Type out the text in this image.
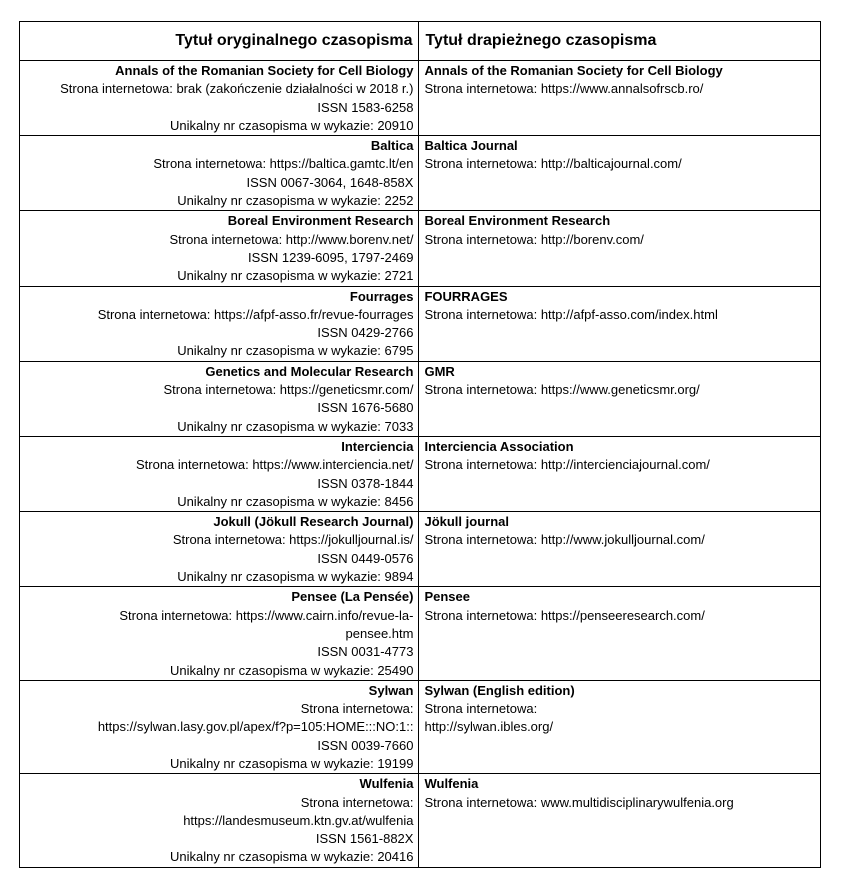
Tytuł oryginalnego czasopisma	Tytuł drapieżnego czasopisma

Annals of the Romanian Society for Cell Biology
Strona internetowa: brak (zakończenie działalności w 2018 r.)
ISSN 1583-6258
Unikalny nr czasopisma w wykazie: 20910	Annals of the Romanian Society for Cell Biology
Strona internetowa: https://www.annalsofrscb.ro/

Baltica
Strona internetowa: https://baltica.gamtc.lt/en
ISSN 0067-3064, 1648-858X
Unikalny nr czasopisma w wykazie: 2252	Baltica Journal
Strona internetowa: http://balticajournal.com/

Boreal Environment Research
Strona internetowa: http://www.borenv.net/
ISSN 1239-6095, 1797-2469
Unikalny nr czasopisma w wykazie: 2721	Boreal Environment Research
Strona internetowa: http://borenv.com/

Fourrages
Strona internetowa: https://afpf-asso.fr/revue-fourrages
ISSN 0429-2766
Unikalny nr czasopisma w wykazie: 6795	FOURRAGES
Strona internetowa: http://afpf-asso.com/index.html

Genetics and Molecular Research
Strona internetowa: https://geneticsmr.com/
ISSN 1676-5680
Unikalny nr czasopisma w wykazie: 7033	GMR
Strona internetowa: https://www.geneticsmr.org/

Interciencia
Strona internetowa: https://www.interciencia.net/
ISSN 0378-1844
Unikalny nr czasopisma w wykazie: 8456	Interciencia Association
Strona internetowa: http://intercienciajournal.com/

Jokull (Jökull Research Journal)
Strona internetowa: https://jokulljournal.is/
ISSN 0449-0576
Unikalny nr czasopisma w wykazie: 9894	Jökull journal
Strona internetowa: http://www.jokulljournal.com/

Pensee (La Pensée)
Strona internetowa: https://www.cairn.info/revue-la-
pensee.htm
ISSN 0031-4773
Unikalny nr czasopisma w wykazie: 25490	Pensee
Strona internetowa: https://penseeresearch.com/

Sylwan
Strona internetowa:
https://sylwan.lasy.gov.pl/apex/f?p=105:HOME:::NO:1::
ISSN 0039-7660
Unikalny nr czasopisma w wykazie: 19199	Sylwan (English edition)
Strona internetowa:
http://sylwan.ibles.org/

Wulfenia
Strona internetowa:
https://landesmuseum.ktn.gv.at/wulfenia
ISSN 1561-882X
Unikalny nr czasopisma w wykazie: 20416	Wulfenia
Strona internetowa: www.multidisciplinarywulfenia.org
